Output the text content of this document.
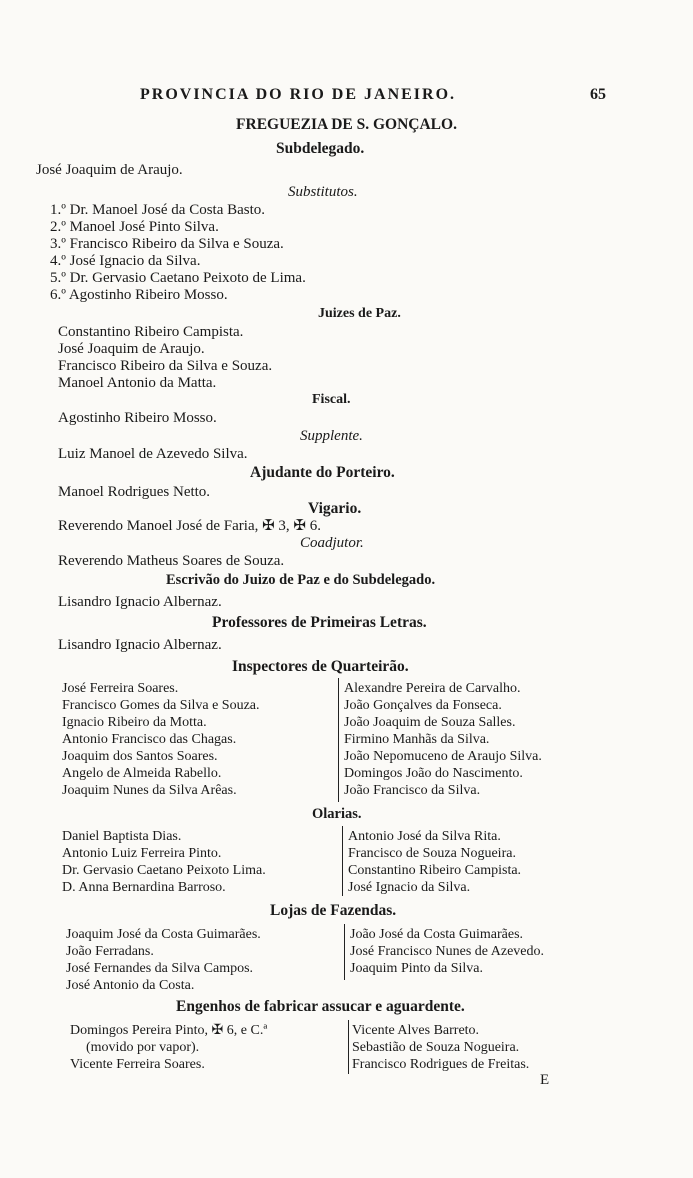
PROVINCIA DO RIO DE JANEIRO.	65
FREGUEZIA DE S. GONÇALO.
Subdelegado.
José Joaquim de Araujo.
Substitutos.
1.º Dr. Manoel José da Costa Basto.
2.º Manoel José Pinto Silva.
3.º Francisco Ribeiro da Silva e Souza.
4.º José Ignacio da Silva.
5.º Dr. Gervasio Caetano Peixoto de Lima.
6.º Agostinho Ribeiro Mosso.
Juizes de Paz.
Constantino Ribeiro Campista.
José Joaquim de Araujo.
Francisco Ribeiro da Silva e Souza.
Manoel Antonio da Matta.
Fiscal.
Agostinho Ribeiro Mosso.
Supplente.
Luiz Manoel de Azevedo Silva.
Ajudante do Porteiro.
Manoel Rodrigues Netto.
Vigario.
Reverendo Manoel José de Faria, ✠ 3, ✠ 6.
Coadjutor.
Reverendo Matheus Soares de Souza.
Escrivão do Juizo de Paz e do Subdelegado.
Lisandro Ignacio Albernaz.
Professores de Primeiras Letras.
Lisandro Ignacio Albernaz.
Inspectores de Quarteirão.
José Ferreira Soares.
Francisco Gomes da Silva e Souza.
Ignacio Ribeiro da Motta.
Antonio Francisco das Chagas.
Joaquim dos Santos Soares.
Angelo de Almeida Rabello.
Joaquim Nunes da Silva Arêas.
Alexandre Pereira de Carvalho.
João Gonçalves da Fonseca.
João Joaquim de Souza Salles.
Firmino Manhãs da Silva.
João Nepomuceno de Araujo Silva.
Domingos João do Nascimento.
João Francisco da Silva.
Olarias.
Daniel Baptista Dias.
Antonio Luiz Ferreira Pinto.
Dr. Gervasio Caetano Peixoto Lima.
D. Anna Bernardina Barroso.
Antonio José da Silva Rita.
Francisco de Souza Nogueira.
Constantino Ribeiro Campista.
José Ignacio da Silva.
Lojas de Fazendas.
Joaquim José da Costa Guimarães.
João Ferradans.
José Fernandes da Silva Campos.
José Antonio da Costa.
João José da Costa Guimarães.
José Francisco Nunes de Azevedo.
Joaquim Pinto da Silva.
Engenhos de fabricar assucar e aguardente.
Domingos Pereira Pinto, ✠ 6, e C.ª
(movido por vapor).
Vicente Ferreira Soares.
Vicente Alves Barreto.
Sebastião de Souza Nogueira.
Francisco Rodrigues de Freitas.
E
